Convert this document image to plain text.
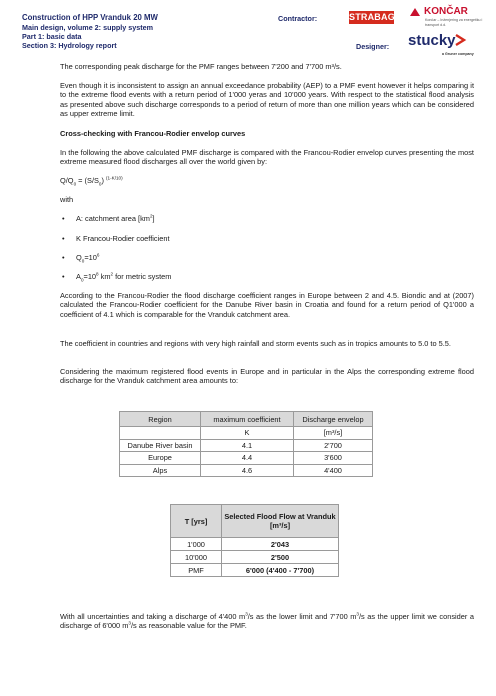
Construction of HPP Vranduk 20 MW
Main design, volume 2: supply system
Part 1: basic data
Section 3: Hydrology report
Contractor:
Designer:
STRABAG	KONČAR
Končar – Inženjering za energetiku i transport d.d.
stucky
a Gruner company

The corresponding peak discharge for the PMF ranges between 7'200 and 7'700 m³/s.

Even though it is inconsistent to assign an annual exceedance probability (AEP) to a PMF event however it helps comparing it to the extreme flood events with a return period of 1'000 yeras and 10'000 years. With respect to the statistical flood analysis as presented above such discharge corresponds to a period of return of more than one million years which can be considered as upper extreme limit.

Cross-checking with Francou-Rodier envelop curves

In the following the above calculated PMF discharge is compared with the Francou-Rodier envelop curves presenting the most extreme measured flood discharges all over the world given by:

$Q/Q_0 = (S/S_0)$ $^{(1-K/10)}$

with

• A: catchment area $[km^2]$
• K Francou-Rodier coefficient
• $Q_0=10^6$
• $A_0=10^8$ $km^2$ for metric system

According to the Francou-Rodier the flood discharge coefficient ranges in Europe between 2 and 4.5. Biondic and at (2007) calculated the Francou-Rodier coefficient for the Danube River basin in Croatia and found for a return period of Q1'000 a coefficient of 4.1 which is comparable for the Vranduk catchment area.

The coefficient in countries and regions with very high rainfall and storm events such as in tropics amounts to 5.0 to 5.5.

Considering the maximum registered flood events in Europe and in particular in the Alps the corresponding extreme flood discharge for the Vranduk catchment area amounts to:

With all uncertainties and taking a discharge of 4'400 $m^3/s$ as the lower limit and 7'700 $m^3/s$ as the upper limit we consider a discharge of 6'000 $m^3/s$ as reasonable value for the PMF.

Region	maximum coefficient	Discharge envelop
	K	[m³/s]
Danube River basin	4.1	2'700
Europe	4.4	3'600
Alps	4.6	4'400
T [yrs]	Selected Flood Flow at Vranduk [m³/s]
1'000	2'043
10'000	2'500
PMF	6'000 (4'400 - 7'700)
